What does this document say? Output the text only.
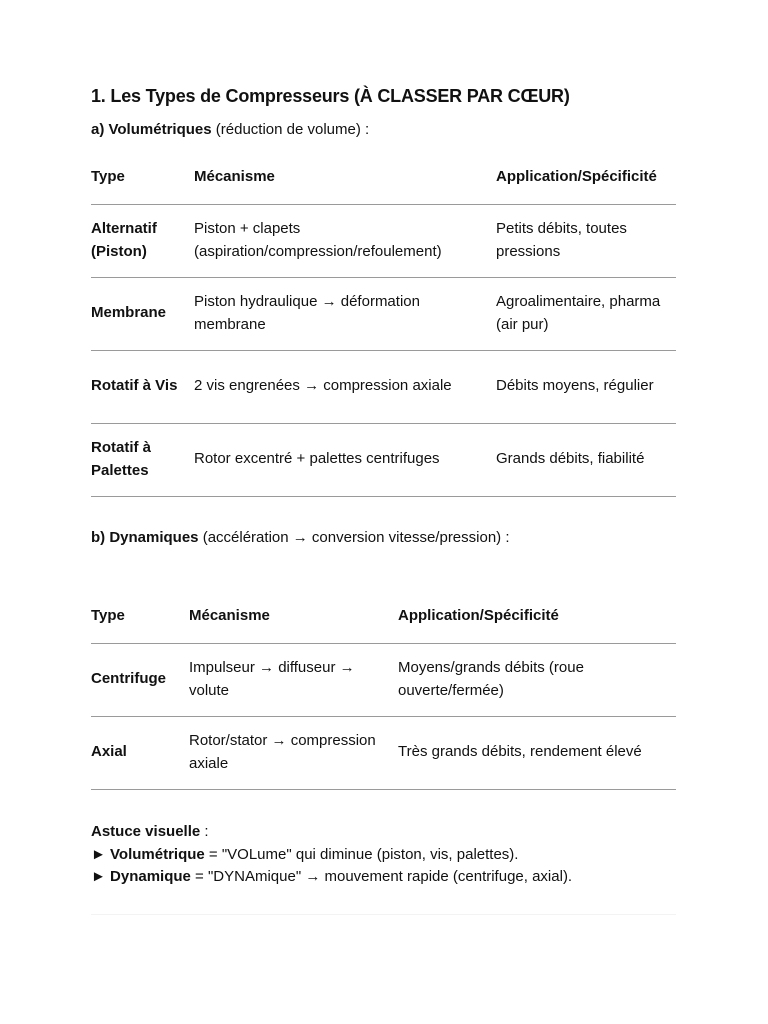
1. Les Types de Compresseurs (À CLASSER PAR CŒUR)
a) Volumétriques (réduction de volume) :
Type	Mécanisme	Application/Spécificité
Alternatif (Piston)	Piston + clapets (aspiration/compression/refoulement)	Petits débits, toutes pressions
Membrane	Piston hydraulique → déformation membrane	Agroalimentaire, pharma (air pur)
Rotatif à Vis	2 vis engrenées → compression axiale	Débits moyens, régulier
Rotatif à Palettes	Rotor excentré + palettes centrifuges	Grands débits, fiabilité
b) Dynamiques (accélération → conversion vitesse/pression) :
Type	Mécanisme	Application/Spécificité
Centrifuge	Impulseur → diffuseur → volute	Moyens/grands débits (roue ouverte/fermée)
Axial	Rotor/stator → compression axiale	Très grands débits, rendement élevé
Astuce visuelle :
► Volumétrique = "VOLume" qui diminue (piston, vis, palettes).
► Dynamique = "DYNAmique" → mouvement rapide (centrifuge, axial).
